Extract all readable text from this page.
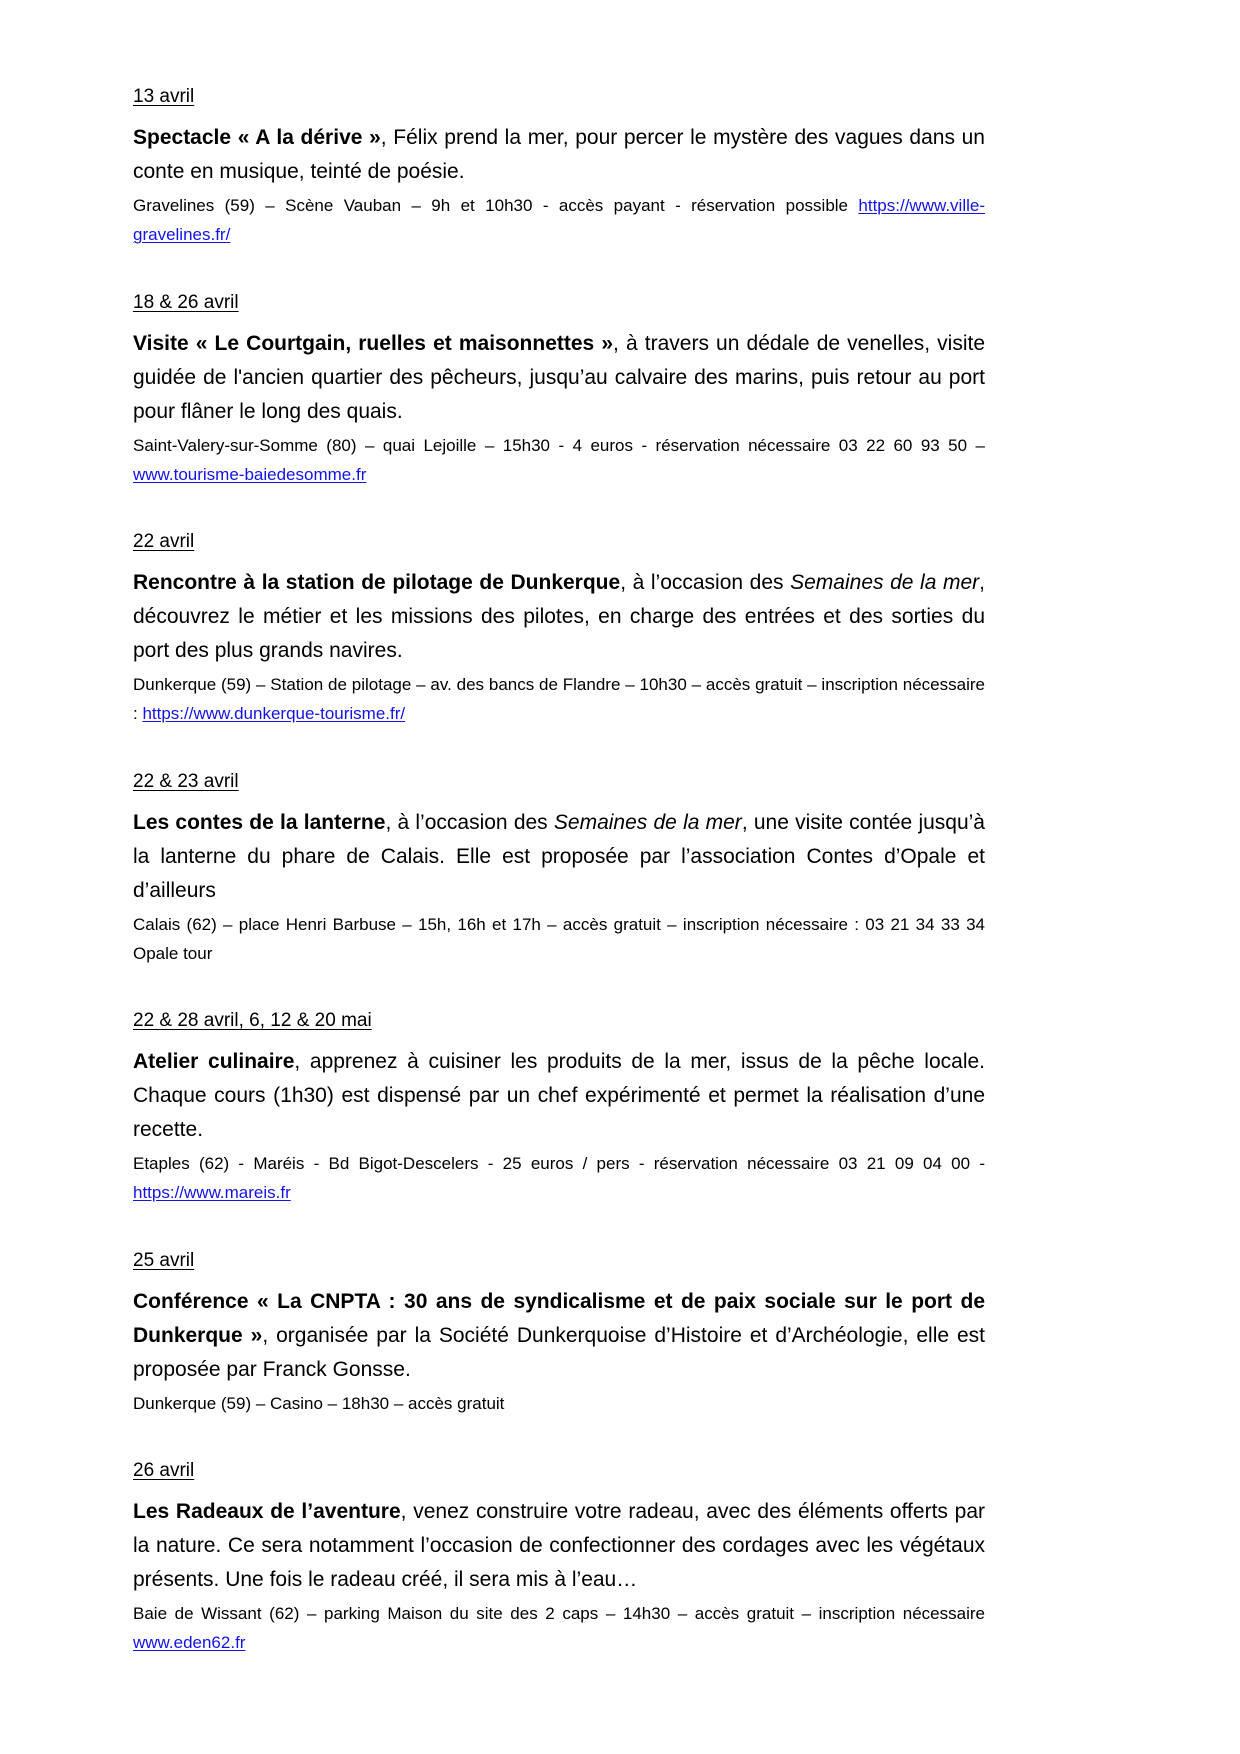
13 avril

Spectacle « A la dérive », Félix prend la mer, pour percer le mystère des vagues dans un conte en musique, teinté de poésie.

Gravelines (59) – Scène Vauban – 9h et 10h30 - accès payant - réservation possible https://www.ville-gravelines.fr/

18 & 26 avril

Visite « Le Courtgain, ruelles et maisonnettes », à travers un dédale de venelles, visite guidée de l'ancien quartier des pêcheurs, jusqu’au calvaire des marins, puis retour au port pour flâner le long des quais.

Saint-Valery-sur-Somme (80) – quai Lejoille – 15h30 - 4 euros - réservation nécessaire 03 22 60 93 50 – www.tourisme-baiedesomme.fr

22 avril

Rencontre à la station de pilotage de Dunkerque, à l’occasion des Semaines de la mer, découvrez le métier et les missions des pilotes, en charge des entrées et des sorties du port des plus grands navires.

Dunkerque (59) – Station de pilotage – av. des bancs de Flandre – 10h30 – accès gratuit – inscription nécessaire : https://www.dunkerque-tourisme.fr/

22 & 23 avril

Les contes de la lanterne, à l’occasion des Semaines de la mer, une visite contée jusqu’à la lanterne du phare de Calais. Elle est proposée par l’association Contes d’Opale et d’ailleurs

Calais (62) – place Henri Barbuse – 15h, 16h et 17h – accès gratuit – inscription nécessaire : 03 21 34 33 34 Opale tour

22 & 28 avril, 6, 12 & 20 mai

Atelier culinaire, apprenez à cuisiner les produits de la mer, issus de la pêche locale. Chaque cours (1h30) est dispensé par un chef expérimenté et permet la réalisation d’une recette.

Etaples (62) - Maréis - Bd Bigot-Descelers - 25 euros / pers - réservation nécessaire 03 21 09 04 00 - https://www.mareis.fr

25 avril

Conférence « La CNPTA : 30 ans de syndicalisme et de paix sociale sur le port de Dunkerque », organisée par la Société Dunkerquoise d’Histoire et d’Archéologie, elle est proposée par Franck Gonsse.

Dunkerque (59) – Casino – 18h30 – accès gratuit

26 avril

Les Radeaux de l’aventure, venez construire votre radeau, avec des éléments offerts par la nature. Ce sera notamment l’occasion de confectionner des cordages avec les végétaux présents. Une fois le radeau créé, il sera mis à l’eau…

Baie de Wissant (62) – parking Maison du site des 2 caps – 14h30 – accès gratuit – inscription nécessaire www.eden62.fr
